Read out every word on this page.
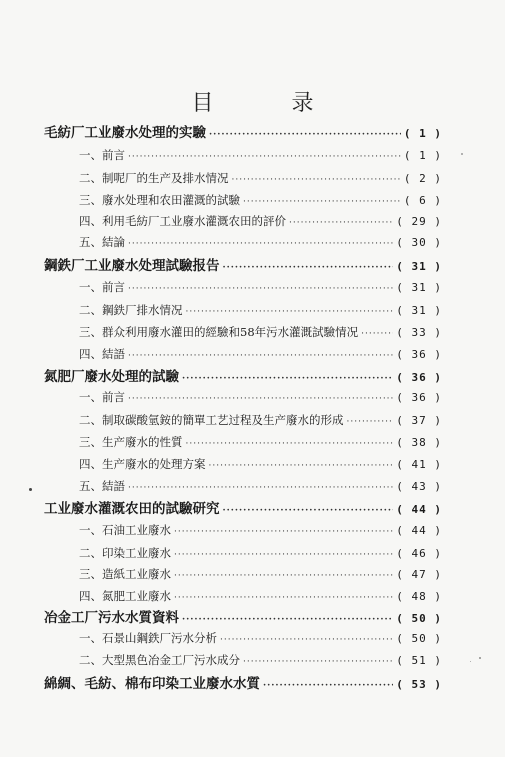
目　录
毛紡厂工业廢水处理的实驗 ·····	( 1 )
一、前言 ·····	( 1 )
二、制呢厂的生产及排水情况 ·····	( 2 )
三、廢水处理和农田灌溉的試驗 ·····	( 6 )
四、利用毛紡厂工业廢水灌溉农田的評价 ·····	( 29 )
五、結論 ·····	( 30 )
鋼鉄厂工业廢水处理試驗报告 ·····	( 31 )
一、前言 ·····	( 31 )
二、鋼鉄厂排水情况 ·····	( 31 )
三、群众利用廢水灌田的經驗和58年污水灌溉試驗情况 ·····	( 33 )
四、結語 ·····	( 36 )
氮肥厂廢水处理的試驗 ·····	( 36 )
一、前言 ·····	( 36 )
二、制取碳酸氫銨的簡單工艺过程及生产廢水的形成 ·····	( 37 )
三、生产廢水的性質 ·····	( 38 )
四、生产廢水的处理方案 ·····	( 41 )
五、結語 ·····	( 43 )
工业廢水灌溉农田的試驗研究 ·····	( 44 )
一、石油工业廢水 ·····	( 44 )
二、印染工业廢水 ·····	( 46 )
三、造紙工业廢水 ·····	( 47 )
四、氮肥工业廢水 ·····	( 48 )
冶金工厂污水水質資料 ·····	( 50 )
一、石景山鋼鉄厂污水分析 ·····	( 50 )
二、大型黑色冶金工厂污水成分 ·····	( 51 )
綿綢、毛紡、棉布印染工业廢水水質 ·····	( 53 )
